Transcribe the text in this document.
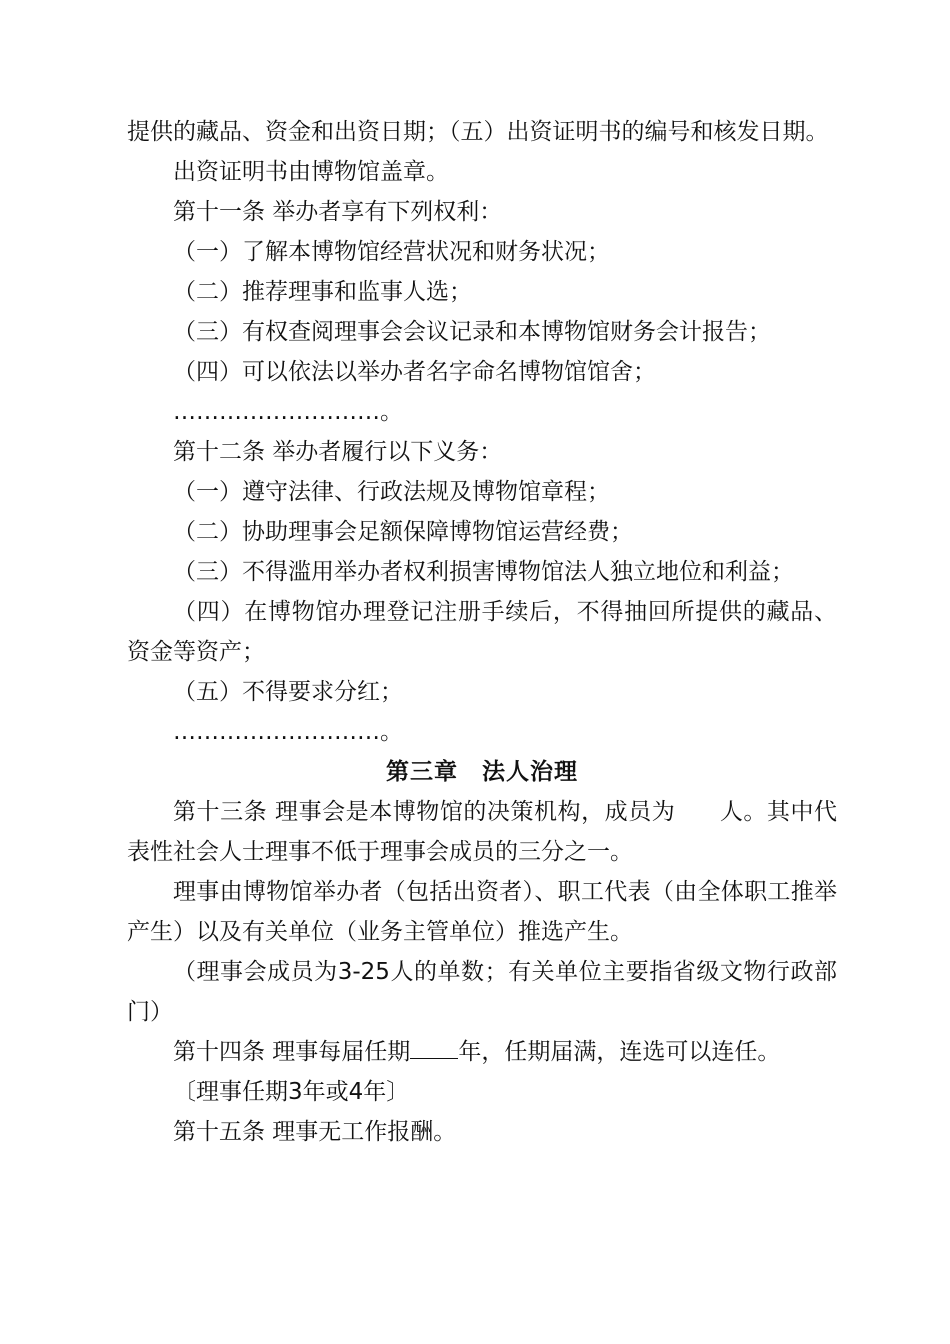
提供的藏品、资金和出资日期；（五）出资证明书的编号和核发日期。

出资证明书由博物馆盖章。

第十一条 举办者享有下列权利：

（一）了解本博物馆经营状况和财务状况；

（二）推荐理事和监事人选；

（三）有权查阅理事会会议记录和本博物馆财务会计报告；

（四）可以依法以举办者名字命名博物馆馆舍；

………………………。

第十二条 举办者履行以下义务：

（一）遵守法律、行政法规及博物馆章程；

（二）协助理事会足额保障博物馆运营经费；

（三）不得滥用举办者权利损害博物馆法人独立地位和利益；

（四）在博物馆办理登记注册手续后，不得抽回所提供的藏品、资金等资产；

（五）不得要求分红；

………………………。

第三章　法人治理

第十三条 理事会是本博物馆的决策机构，成员为 人。其中代表性社会人士理事不低于理事会成员的三分之一。

理事由博物馆举办者（包括出资者）、职工代表（由全体职工推举产生）以及有关单位（业务主管单位）推选产生。

（理事会成员为3-25人的单数；有关单位主要指省级文物行政部门）

第十四条 理事每届任期 年，任期届满，连选可以连任。

〔理事任期3年或4年〕

第十五条 理事无工作报酬。
